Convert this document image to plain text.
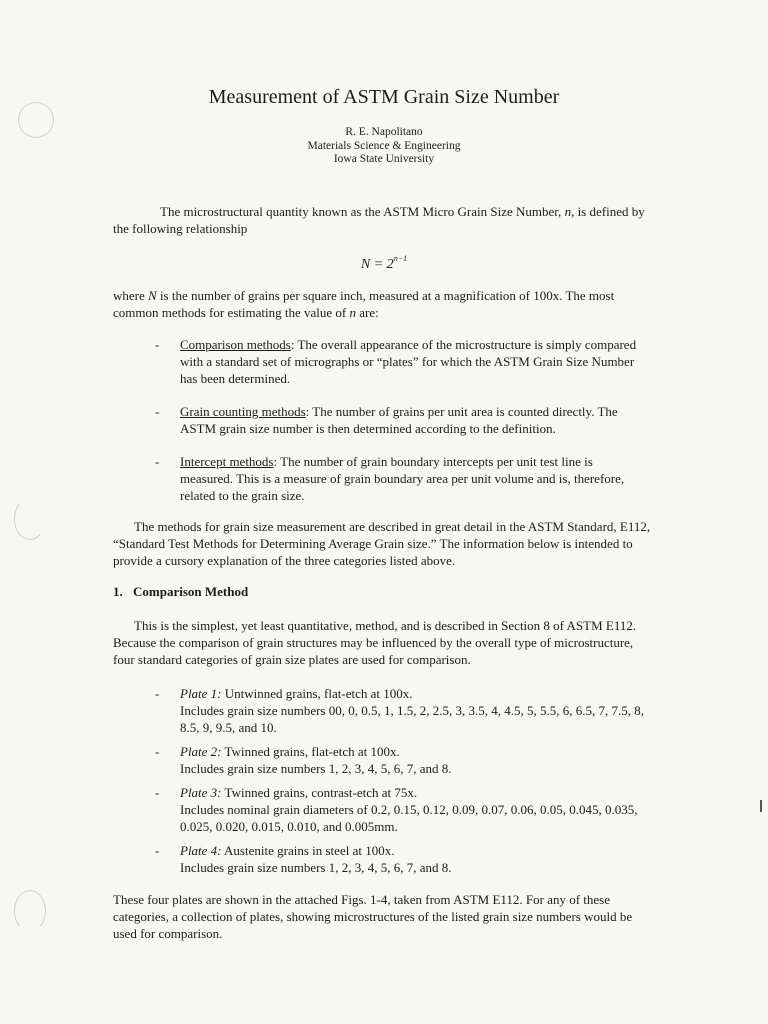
Measurement of ASTM Grain Size Number
R. E. Napolitano
Materials Science & Engineering
Iowa State University
The microstructural quantity known as the ASTM Micro Grain Size Number, n, is defined by the following relationship
$N = 2^{n-1}$
where N is the number of grains per square inch, measured at a magnification of 100x. The most common methods for estimating the value of n are:
- Comparison methods: The overall appearance of the microstructure is simply compared with a standard set of micrographs or “plates” for which the ASTM Grain Size Number has been determined.
- Grain counting methods: The number of grains per unit area is counted directly. The ASTM grain size number is then determined according to the definition.
- Intercept methods: The number of grain boundary intercepts per unit test line is measured. This is a measure of grain boundary area per unit volume and is, therefore, related to the grain size.
The methods for grain size measurement are described in great detail in the ASTM Standard, E112, “Standard Test Methods for Determining Average Grain size.” The information below is intended to provide a cursory explanation of the three categories listed above.
1. Comparison Method
This is the simplest, yet least quantitative, method, and is described in Section 8 of ASTM E112. Because the comparison of grain structures may be influenced by the overall type of microstructure, four standard categories of grain size plates are used for comparison.
- Plate 1: Untwinned grains, flat-etch at 100x.
Includes grain size numbers 00, 0, 0.5, 1, 1.5, 2, 2.5, 3, 3.5, 4, 4.5, 5, 5.5, 6, 6.5, 7, 7.5, 8, 8.5, 9, 9.5, and 10.
- Plate 2: Twinned grains, flat-etch at 100x.
Includes grain size numbers 1, 2, 3, 4, 5, 6, 7, and 8.
- Plate 3: Twinned grains, contrast-etch at 75x.
Includes nominal grain diameters of 0.2, 0.15, 0.12, 0.09, 0.07, 0.06, 0.05, 0.045, 0.035, 0.025, 0.020, 0.015, 0.010, and 0.005mm.
- Plate 4: Austenite grains in steel at 100x.
Includes grain size numbers 1, 2, 3, 4, 5, 6, 7, and 8.
These four plates are shown in the attached Figs. 1-4, taken from ASTM E112. For any of these categories, a collection of plates, showing microstructures of the listed grain size numbers would be used for comparison.
